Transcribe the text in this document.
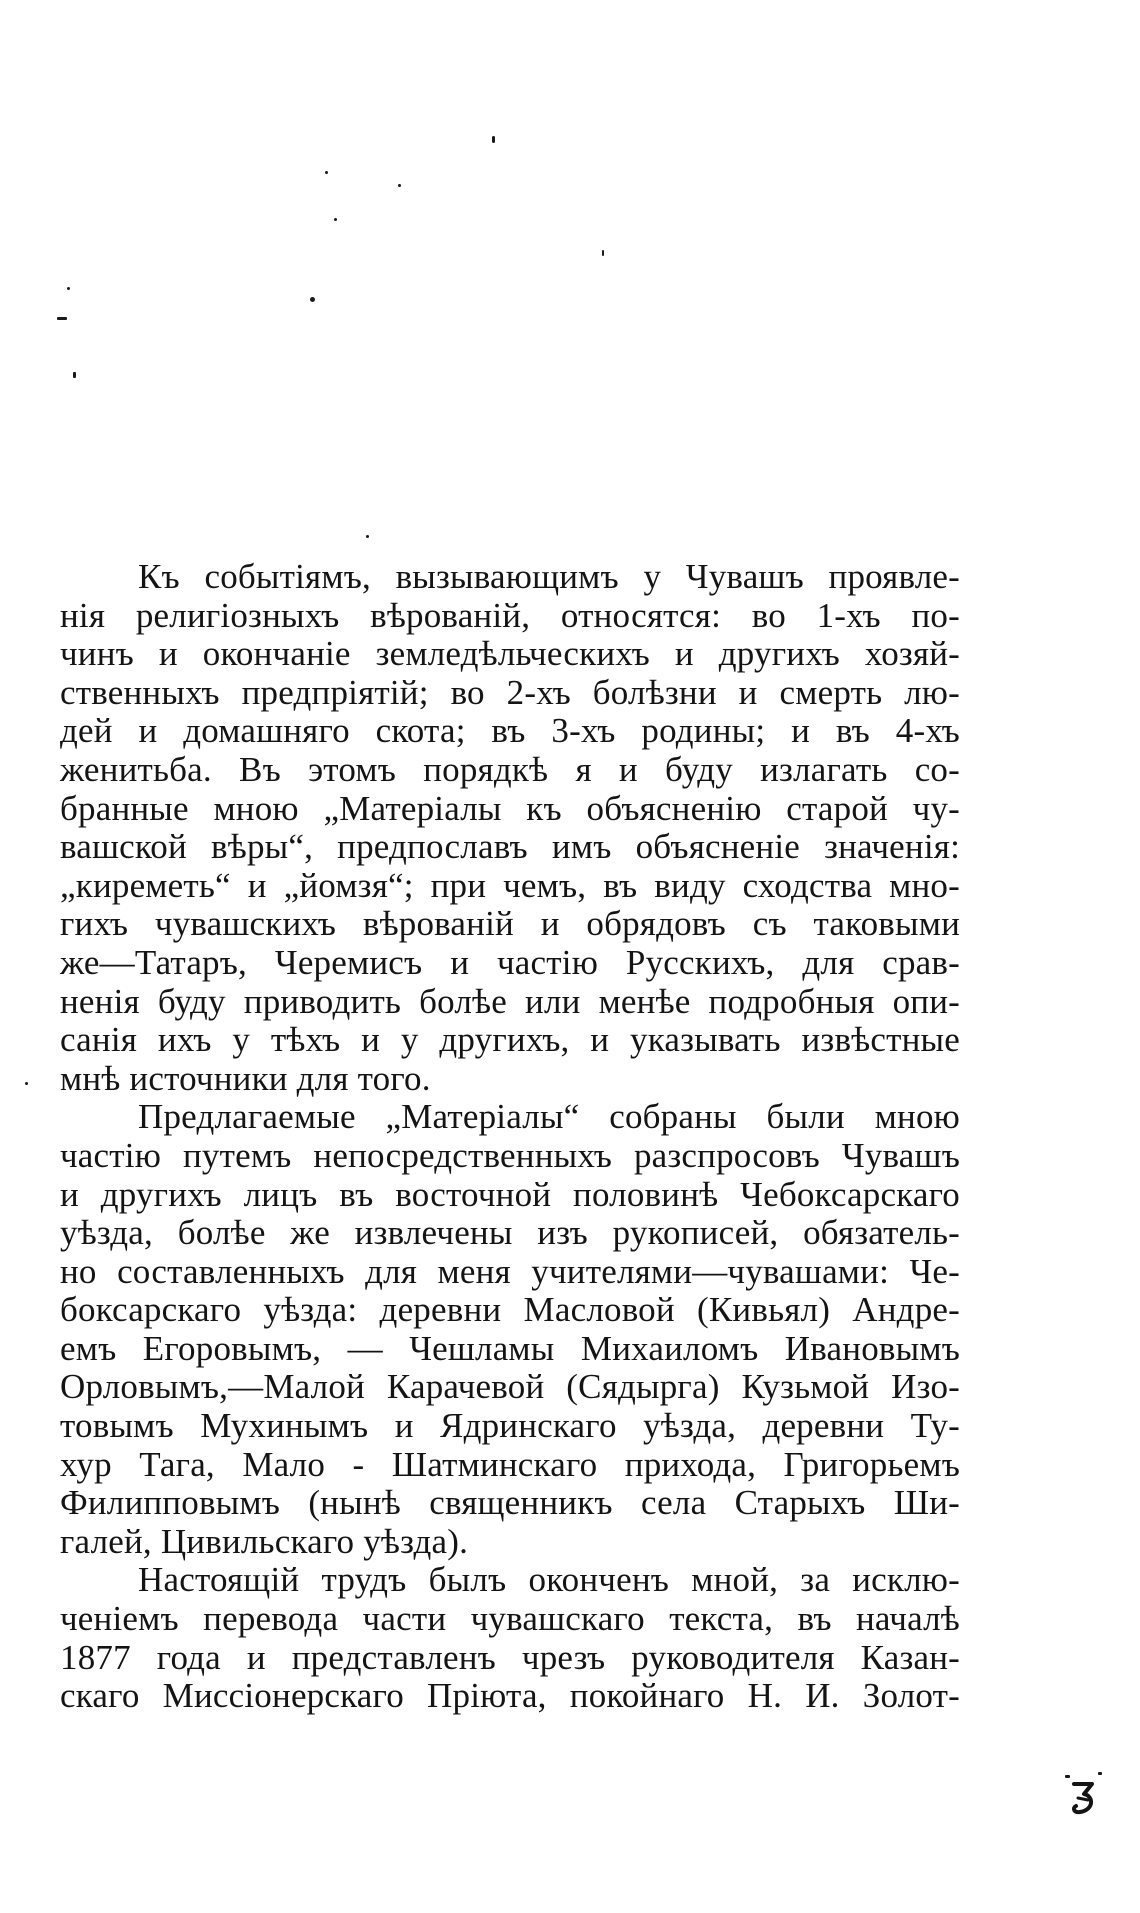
Къ событіямъ, вызывающимъ у Чувашъ проявле-
нія религіозныхъ вѣрованій, относятся: во 1-хъ по-
чинъ и окончаніе земледѣльческихъ и другихъ хозяй-
ственныхъ предпріятій; во 2-хъ болѣзни и смерть лю-
дей и домашняго скота; въ 3-хъ родины; и въ 4-хъ
женитьба. Въ этомъ порядкѣ я и буду излагать со-
бранные мною „Матеріалы къ объясненію старой чу-
вашской вѣры“, предпославъ имъ объясненіе значенія:
„киреметь“ и „йомзя“; при чемъ, въ виду сходства мно-
гихъ чувашскихъ вѣрованій и обрядовъ съ таковыми
же—Татаръ, Черемисъ и частію Русскихъ, для срав-
ненія буду приводить болѣе или менѣе подробныя опи-
санія ихъ у тѣхъ и у другихъ, и указывать извѣстные
мнѣ источники для того.
Предлагаемые „Матеріалы“ собраны были мною
частію путемъ непосредственныхъ разспросовъ Чувашъ
и другихъ лицъ въ восточной половинѣ Чебоксарскаго
уѣзда, болѣе же извлечены изъ рукописей, обязатель-
но составленныхъ для меня учителями—чувашами: Че-
боксарскаго уѣзда: деревни Масловой (Кивьял) Андре-
емъ Егоровымъ, — Чешламы Михаиломъ Ивановымъ
Орловымъ,—Малой Карачевой (Сядырга) Кузьмой Изо-
товымъ Мухинымъ и Ядринскаго уѣзда, деревни Ту-
хур Тага, Мало - Шатминскаго прихода, Григорьемъ
Филипповымъ (нынѣ священникъ села Старыхъ Ши-
галей, Цивильскаго уѣзда).
Настоящій трудъ былъ оконченъ мной, за исклю-
ченіемъ перевода части чувашскаго текста, въ началѣ
1877 года и представленъ чрезъ руководителя Казан-
скаго Миссіонерскаго Пріюта, покойнаго Н. И. Золот-
